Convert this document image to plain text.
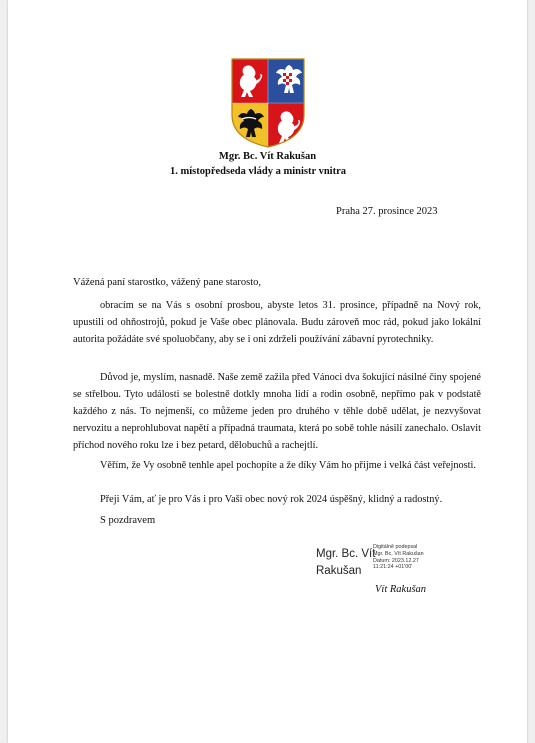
Mgr. Bc. Vít Rakušan
1. místopředseda vlády a ministr vnitra
Praha 27. prosince 2023
Vážená paní starostko, vážený pane starosto,

obracím se na Vás s osobní prosbou, abyste letos 31. prosince, případně na Nový rok, upustili od ohňostrojů, pokud je Vaše obec plánovala. Budu zároveň moc rád, pokud jako lokální autorita požádáte své spoluobčany, aby se i oni zdrželi používání zábavní pyrotechniky.

Důvod je, myslím, nasnadě. Naše země zažila před Vánoci dva šokující násilné činy spojené se střelbou. Tyto události se bolestně dotkly mnoha lidí a rodin osobně, nepřímo pak v podstatě každého z nás. To nejmenší, co můžeme jeden pro druhého v těhle době udělat, je nezvyšovat nervozitu a neprohlubovat napětí a případná traumata, která po sobě tohle násilí zanechalo. Oslavit příchod nového roku lze i bez petard, dělobuchů a rachejtlí.

Věřím, že Vy osobně tenhle apel pochopíte a že díky Vám ho přijme i velká část veřejnosti.

Přeji Vám, ať je pro Vás i pro Vaši obec nový rok 2024 úspěšný, klidný a radostný.

S pozdravem
Mgr. Bc. Vít
Rakušan
Digitálně podepsal
Mgr. Bc. Vít Rakušan
Datum: 2023.12.27
11:21:24 +01'00'
Vít Rakušan
